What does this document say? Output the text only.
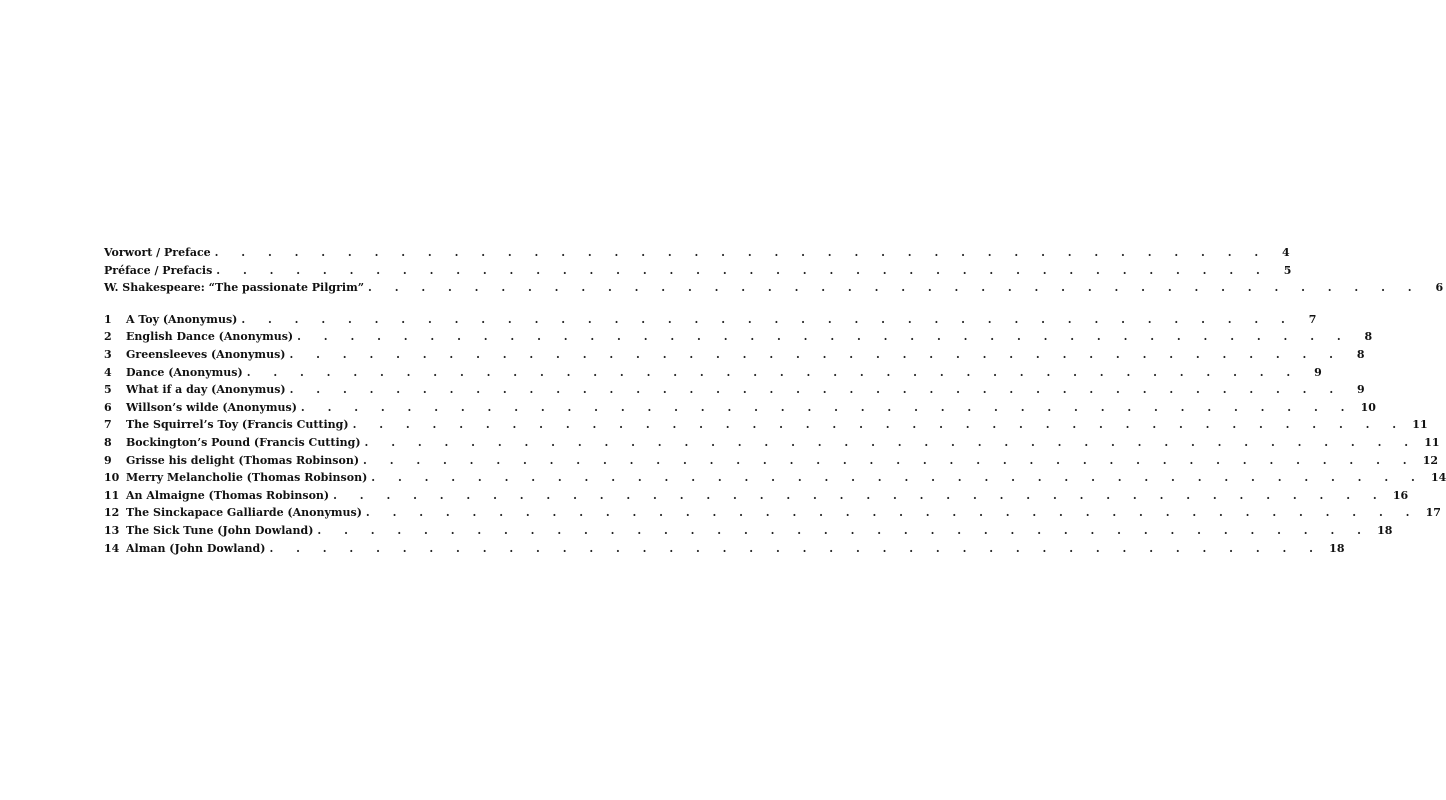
Vorwort / Preface . . . . . . . . . . . . . . . . . . . . . . . . . . . . . . . . . . . . . . . .	4
Préface / Prefacis . . . . . . . . . . . . . . . . . . . . . . . . . . . . . . . . . . . . . . . .	5
W. Shakespeare: “The passionate Pilgrim” . . . . . . . . . . . . . . . . . . . . . . . . . . . . . . . . . . . . . . . .	6
1	A Toy (Anonymus) . . . . . . . . . . . . . . . . . . . . . . . . . . . . . . . . . . . . . . . .	7
2	English Dance (Anonymus) . . . . . . . . . . . . . . . . . . . . . . . . . . . . . . . . . . . . . . . .	8
3	Greensleeves (Anonymus) . . . . . . . . . . . . . . . . . . . . . . . . . . . . . . . . . . . . . . . .	8
4	Dance (Anonymus) . . . . . . . . . . . . . . . . . . . . . . . . . . . . . . . . . . . . . . . .	9
5	What if a day (Anonymus) . . . . . . . . . . . . . . . . . . . . . . . . . . . . . . . . . . . . . . . .	9
6	Willson’s wilde (Anonymus) . . . . . . . . . . . . . . . . . . . . . . . . . . . . . . . . . . . . . . . . 10
7	The Squirrel’s Toy (Francis Cutting) . . . . . . . . . . . . . . . . . . . . . . . . . . . . . . . . . . . . . . . . 11
8	Bockington’s Pound (Francis Cutting) . . . . . . . . . . . . . . . . . . . . . . . . . . . . . . . . . . . . . . . . 11
9	Grisse his delight (Thomas Robinson) . . . . . . . . . . . . . . . . . . . . . . . . . . . . . . . . . . . . . . . . 12
10 Merry Melancholie (Thomas Robinson) . . . . . . . . . . . . . . . . . . . . . . . . . . . . . . . . . . . . . . . . 14
11 An Almaigne (Thomas Robinson) . . . . . . . . . . . . . . . . . . . . . . . . . . . . . . . . . . . . . . . . 16
12 The Sinckapace Galliarde (Anonymus) . . . . . . . . . . . . . . . . . . . . . . . . . . . . . . . . . . . . . . . . 17
13 The Sick Tune (John Dowland) . . . . . . . . . . . . . . . . . . . . . . . . . . . . . . . . . . . . . . . . 18
14 Alman (John Dowland) . . . . . . . . . . . . . . . . . . . . . . . . . . . . . . . . . . . . . . . . 18
